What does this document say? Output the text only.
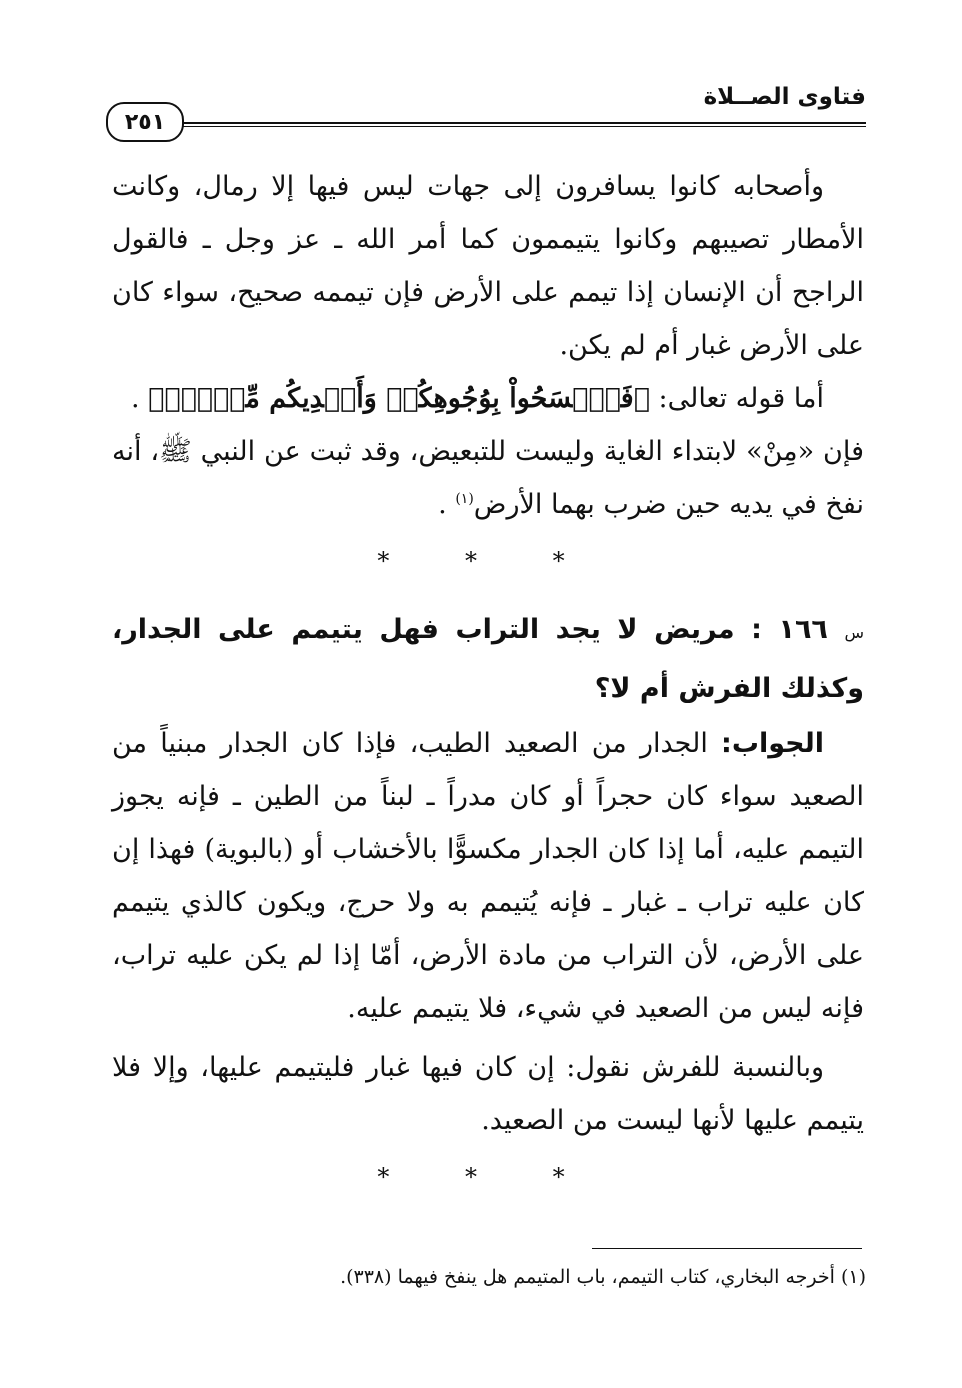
فتاوى الصــلاة
٢٥١

وأصحابه كانوا يسافرون إلى جهات ليس فيها إلا رمال، وكانت الأمطار تصيبهم وكانوا يتيممون كما أمر الله ـ عز وجل ـ فالقول الراجح أن الإنسان إذا تيمم على الأرض فإن تيممه صحيح، سواء كان على الأرض غبار أم لم يكن.

أما قوله تعالى: ﴿فَٱمۡسَحُواْ بِوُجُوهِكُمۡ وَأَيۡدِيكُم مِّنۡهُۚ﴾ .

فإن «مِنْ» لابتداء الغاية وليست للتبعيض، وقد ثبت عن النبي ﷺ، أنه نفخ في يديه حين ضرب بهما الأرض$^{(١)}$ .

* * *

س ١٦٦ : مريض لا يجد التراب فهل يتيمم على الجدار، وكذلك الفرش أم لا؟

الجواب: الجدار من الصعيد الطيب، فإذا كان الجدار مبنياً من الصعيد سواء كان حجراً أو كان مدراً ـ لبناً من الطين ـ فإنه يجوز التيمم عليه، أما إذا كان الجدار مكسوًّا بالأخشاب أو (بالبوية) فهذا إن كان عليه تراب ـ غبار ـ فإنه يُتيمم به ولا حرج، ويكون كالذي يتيمم على الأرض، لأن التراب من مادة الأرض، أمّا إذا لم يكن عليه تراب، فإنه ليس من الصعيد في شيء، فلا يتيمم عليه.

وبالنسبة للفرش نقول: إن كان فيها غبار فليتيمم عليها، وإلا فلا يتيمم عليها لأنها ليست من الصعيد.

* * *
(١) أخرجه البخاري، كتاب التيمم، باب المتيمم هل ينفخ فيهما (٣٣٨).
